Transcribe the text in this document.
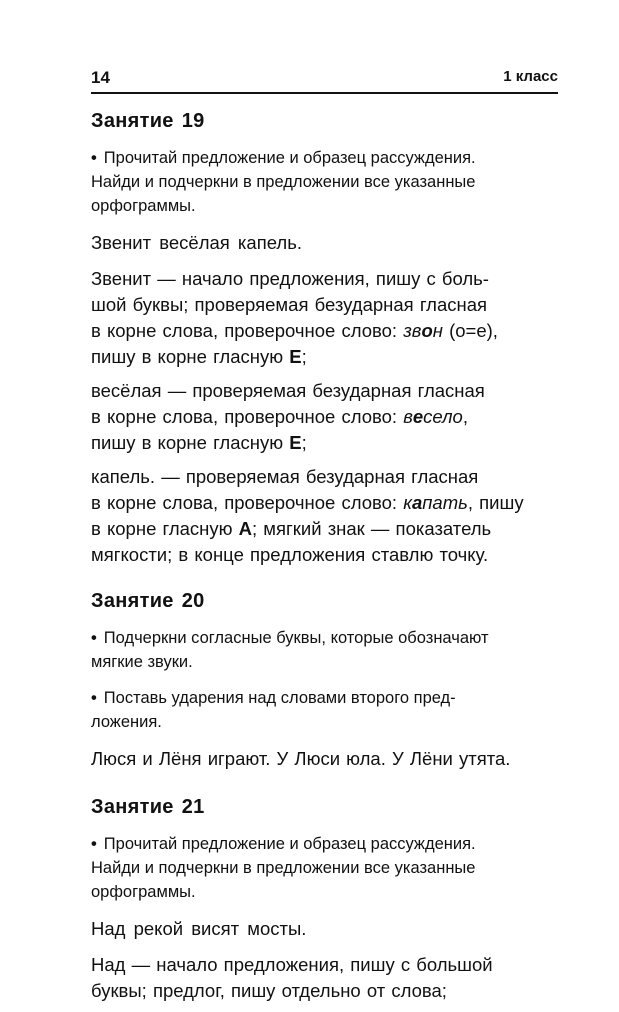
14	1 класс
Занятие 19
• Прочитай предложение и образец рассуждения.
Найди и подчеркни в предложении все указанные
орфограммы.
Звенит весёлая капель.
Звенит — начало предложения, пишу с боль-
шой буквы; проверяемая безударная гласная
в корне слова, проверочное слово: звон (о=е),
пишу в корне гласную Е;
весёлая — проверяемая безударная гласная
в корне слова, проверочное слово: весело,
пишу в корне гласную Е;
капель. — проверяемая безударная гласная
в корне слова, проверочное слово: капать, пишу
в корне гласную А; мягкий знак — показатель
мягкости; в конце предложения ставлю точку.
Занятие 20
• Подчеркни согласные буквы, которые обозначают
мягкие звуки.
• Поставь ударения над словами второго пред-
ложения.
Люся и Лёня играют. У Люси юла. У Лёни утята.
Занятие 21
• Прочитай предложение и образец рассуждения.
Найди и подчеркни в предложении все указанные
орфограммы.
Над рекой висят мосты.
Над — начало предложения, пишу с большой
буквы; предлог, пишу отдельно от слова;
